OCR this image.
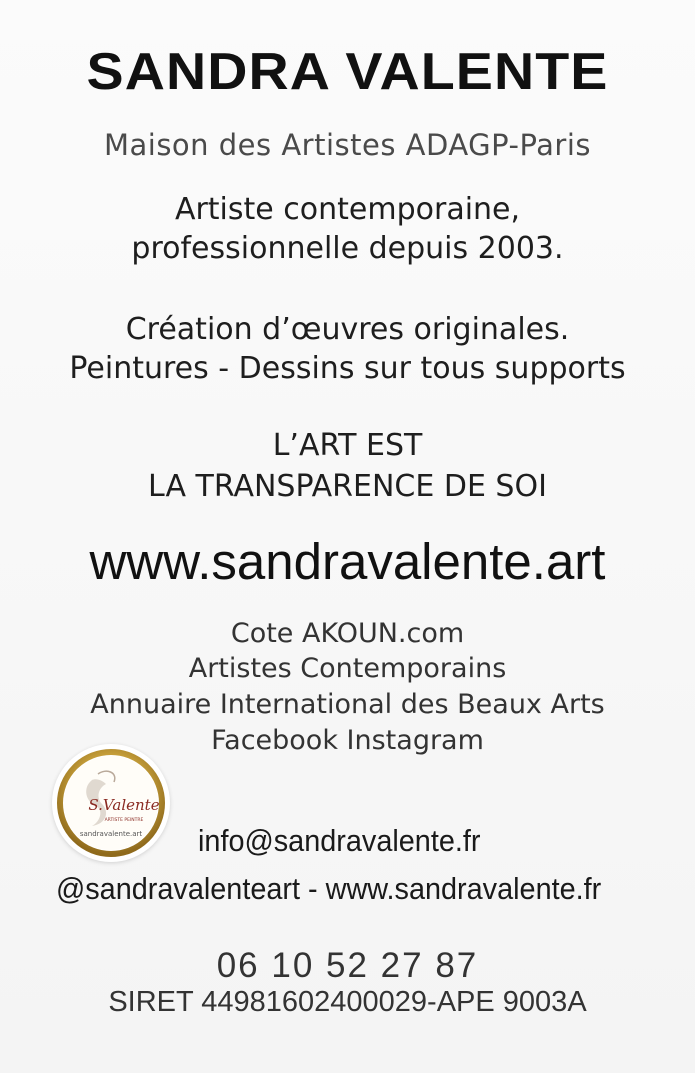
SANDRA VALENTE
Maison des Artistes ADAGP-Paris
Artiste contemporaine,
professionnelle depuis 2003.
Création d’œuvres originales.
Peintures - Dessins sur tous supports
L’ART EST
LA TRANSPARENCE DE SOI
www.sandravalente.art
Cote AKOUN.com
Artistes Contemporains
Annuaire International des Beaux Arts
Facebook Instagram
S.Valente
ARTISTE PEINTRE
sandravalente.art info@sandravalente.fr
@sandravalenteart - www.sandravalente.fr
06 10 52 27 87
SIRET 44981602400029-APE 9003A
